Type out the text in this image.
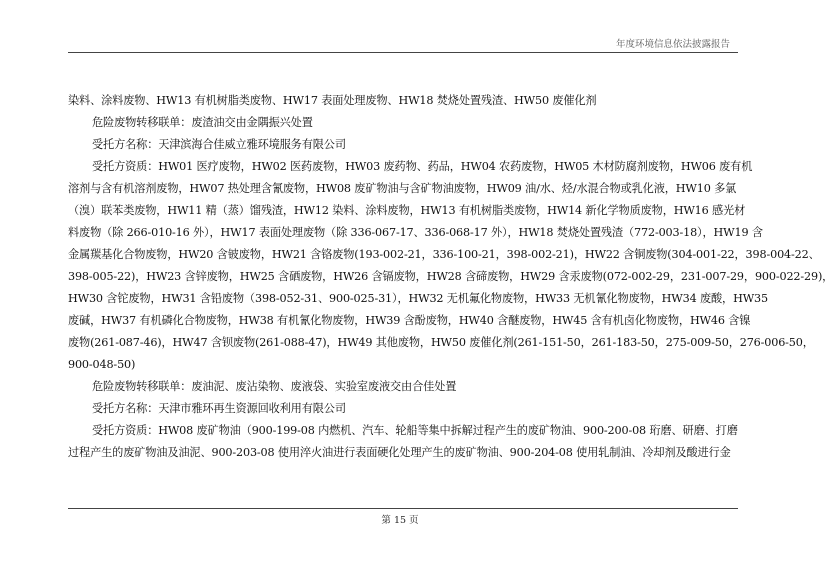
年度环境信息依法披露报告
染料、涂料废物、HW13 有机树脂类废物、HW17 表面处理废物、HW18 焚烧处置残渣、HW50 废催化剂
危险废物转移联单：废渣油交由金隅振兴处置
受托方名称：天津滨海合佳威立雅环境服务有限公司
受托方资质：HW01 医疗废物，HW02 医药废物，HW03 废药物、药品，HW04 农药废物，HW05 木材防腐剂废物，HW06 废有机
溶剂与含有机溶剂废物，HW07 热处理含氰废物，HW08 废矿物油与含矿物油废物，HW09 油/水、烃/水混合物或乳化液，HW10 多氯
（溴）联苯类废物，HW11 精（蒸）馏残渣，HW12 染料、涂料废物，HW13 有机树脂类废物，HW14 新化学物质废物，HW16 感光材
料废物（除 266-010-16 外），HW17 表面处理废物（除 336-067-17、336-068-17 外），HW18 焚烧处置残渣（772-003-18），HW19 含
金属羰基化合物废物，HW20 含铍废物，HW21 含铬废物(193-002-21，336-100-21，398-002-21)，HW22 含铜废物(304-001-22，398-004-22、
398-005-22)，HW23 含锌废物，HW25 含硒废物，HW26 含镉废物，HW28 含碲废物，HW29 含汞废物(072-002-29，231-007-29，900-022-29)，
HW30 含铊废物，HW31 含铅废物（398-052-31、900-025-31），HW32 无机氟化物废物，HW33 无机氰化物废物，HW34 废酸，HW35
废碱，HW37 有机磷化合物废物，HW38 有机氰化物废物，HW39 含酚废物，HW40 含醚废物，HW45 含有机卤化物废物，HW46 含镍
废物(261-087-46)，HW47 含钡废物(261-088-47)，HW49 其他废物，HW50 废催化剂(261-151-50，261-183-50，275-009-50，276-006-50，
900-048-50)
危险废物转移联单：废油泥、废沾染物、废液袋、实验室废液交由合佳处置
受托方名称：天津市雅环再生资源回收利用有限公司
受托方资质：HW08 废矿物油（900-199-08 内燃机、汽车、轮船等集中拆解过程产生的废矿物油、900-200-08 珩磨、研磨、打磨
过程产生的废矿物油及油泥、900-203-08 使用淬火油进行表面硬化处理产生的废矿物油、900-204-08 使用轧制油、冷却剂及酸进行金
第 15 页
